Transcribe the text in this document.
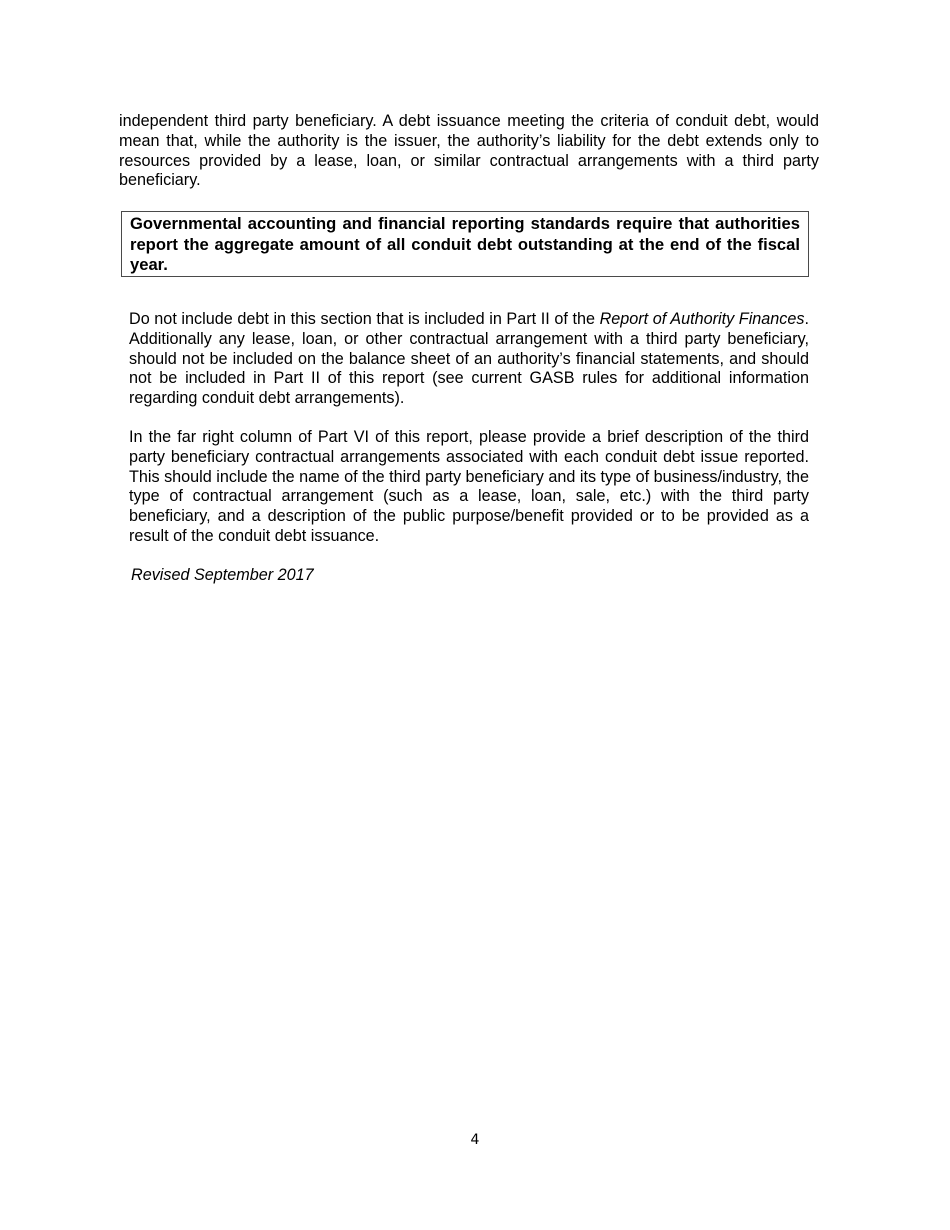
independent third party beneficiary. A debt issuance meeting the criteria of conduit debt, would mean that, while the authority is the issuer, the authority’s liability for the debt extends only to resources provided by a lease, loan, or similar contractual arrangements with a third party beneficiary.

Governmental accounting and financial reporting standards require that authorities report the aggregate amount of all conduit debt outstanding at the end of the fiscal year.

Do not include debt in this section that is included in Part II of the Report of Authority Finances. Additionally any lease, loan, or other contractual arrangement with a third party beneficiary, should not be included on the balance sheet of an authority’s financial statements, and should not be included in Part II of this report (see current GASB rules for additional information regarding conduit debt arrangements).

In the far right column of Part VI of this report, please provide a brief description of the third party beneficiary contractual arrangements associated with each conduit debt issue reported. This should include the name of the third party beneficiary and its type of business/industry, the type of contractual arrangement (such as a lease, loan, sale, etc.) with the third party beneficiary, and a description of the public purpose/benefit provided or to be provided as a result of the conduit debt issuance.

Revised September 2017

4
